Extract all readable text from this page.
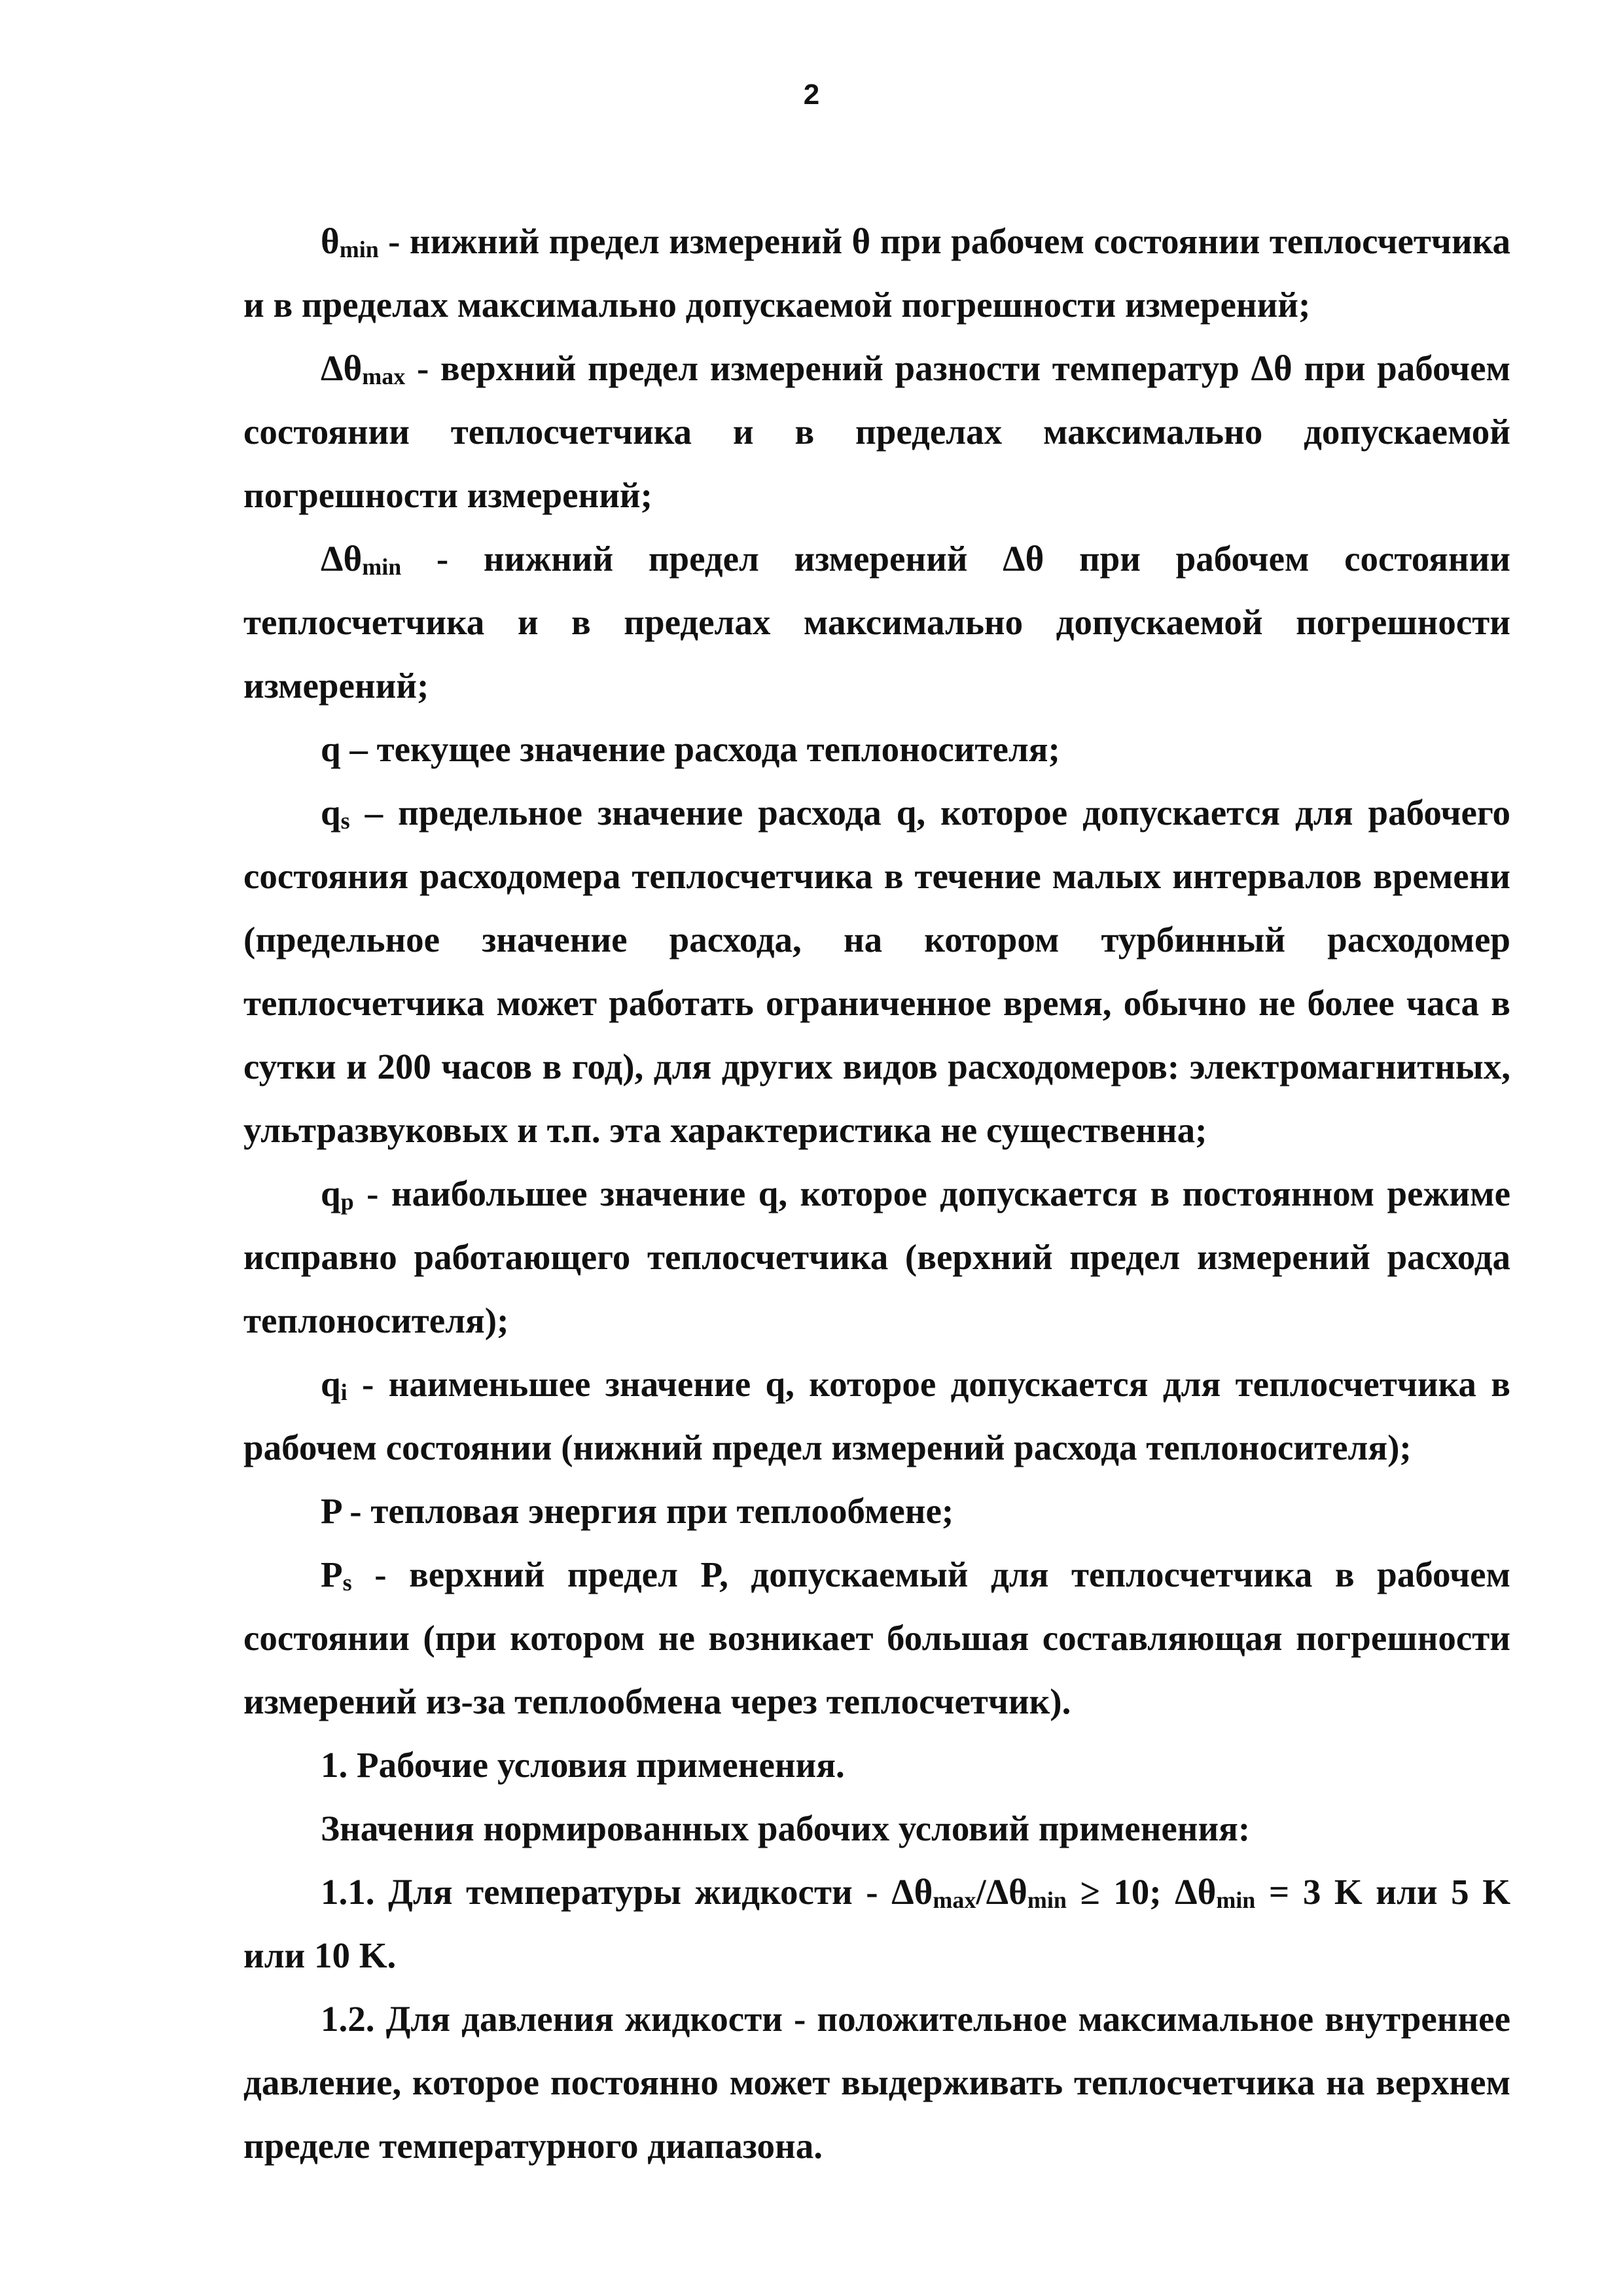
2

$\theta_{min}$ - нижний предел измерений θ при рабочем состоянии теплосчетчика и в пределах максимально допускаемой погрешности измерений;

$\Delta\theta_{max}$ - верхний предел измерений разности температур Δθ при рабочем состоянии теплосчетчика и в пределах максимально допускаемой погрешности измерений;

$\Delta\theta_{min}$ - нижний предел измерений Δθ при рабочем состоянии теплосчетчика и в пределах максимально допускаемой погрешности измерений;

q – текущее значение расхода теплоносителя;

$q_s$ – предельное значение расхода q, которое допускается для рабочего состояния расходомера теплосчетчика в течение малых интервалов времени (предельное значение расхода, на котором турбинный расходомер теплосчетчика может работать ограниченное время, обычно не более часа в сутки и 200 часов в год), для других видов расходомеров: электромагнитных, ультразвуковых и т.п. эта характеристика не существенна;

$q_p$ - наибольшее значение q, которое допускается в постоянном режиме исправно работающего теплосчетчика (верхний предел измерений расхода теплоносителя);

$q_i$ - наименьшее значение q, которое допускается для теплосчетчика в рабочем состоянии (нижний предел измерений расхода теплоносителя);

P - тепловая энергия при теплообмене;

$P_s$ - верхний предел P, допускаемый для теплосчетчика в рабочем состоянии (при котором не возникает большая составляющая погрешности измерений из-за теплообмена через теплосчетчик).

1. Рабочие условия применения.

Значения нормированных рабочих условий применения:

1.1. Для температуры жидкости - $\Delta\theta_{max}/\Delta\theta_{min} \ge 10$; $\Delta\theta_{min} = 3$ K или 5 K или 10 K.

1.2. Для давления жидкости - положительное максимальное внутреннее давление, которое постоянно может выдерживать теплосчетчика на верхнем пределе температурного диапазона.
